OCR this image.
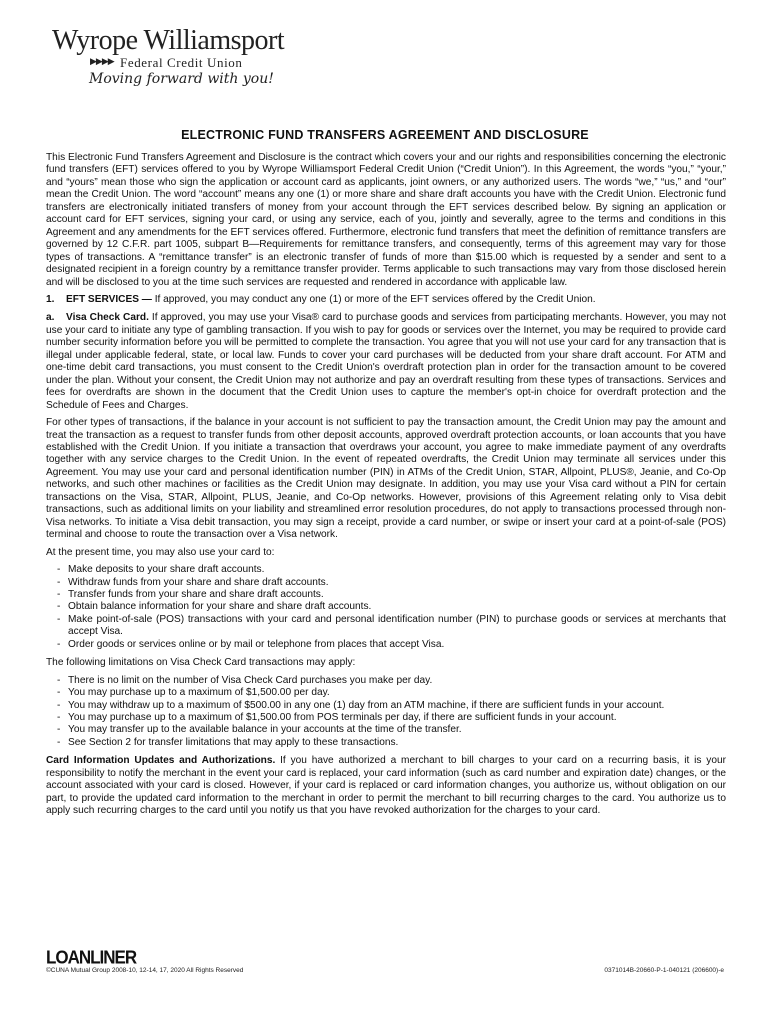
Wyrope Williamsport
▶▶▶▶ Federal Credit Union
Moving forward with you!
ELECTRONIC FUND TRANSFERS AGREEMENT AND DISCLOSURE

This Electronic Fund Transfers Agreement and Disclosure is the contract which covers your and our rights and responsibilities concerning the electronic fund transfers (EFT) services offered to you by Wyrope Williamsport Federal Credit Union (“Credit Union”). In this Agreement, the words “you,” “your,” and “yours” mean those who sign the application or account card as applicants, joint owners, or any authorized users. The words “we,” “us,” and “our” mean the Credit Union. The word “account” means any one (1) or more share and share draft accounts you have with the Credit Union. Electronic fund transfers are electronically initiated transfers of money from your account through the EFT services described below. By signing an application or account card for EFT services, signing your card, or using any service, each of you, jointly and severally, agree to the terms and conditions in this Agreement and any amendments for the EFT services offered. Furthermore, electronic fund transfers that meet the definition of remittance transfers are governed by 12 C.F.R. part 1005, subpart B—Requirements for remittance transfers, and consequently, terms of this agreement may vary for those types of transactions. A “remittance transfer” is an electronic transfer of funds of more than $15.00 which is requested by a sender and sent to a designated recipient in a foreign country by a remittance transfer provider. Terms applicable to such transactions may vary from those disclosed herein and will be disclosed to you at the time such services are requested and rendered in accordance with applicable law.

1. EFT SERVICES — If approved, you may conduct any one (1) or more of the EFT services offered by the Credit Union.

a. Visa Check Card. If approved, you may use your Visa® card to purchase goods and services from participating merchants. However, you may not use your card to initiate any type of gambling transaction. If you wish to pay for goods or services over the Internet, you may be required to provide card number security information before you will be permitted to complete the transaction. You agree that you will not use your card for any transaction that is illegal under applicable federal, state, or local law. Funds to cover your card purchases will be deducted from your share draft account. For ATM and one-time debit card transactions, you must consent to the Credit Union's overdraft protection plan in order for the transaction amount to be covered under the plan. Without your consent, the Credit Union may not authorize and pay an overdraft resulting from these types of transactions. Services and fees for overdrafts are shown in the document that the Credit Union uses to capture the member's opt-in choice for overdraft protection and the Schedule of Fees and Charges.

For other types of transactions, if the balance in your account is not sufficient to pay the transaction amount, the Credit Union may pay the amount and treat the transaction as a request to transfer funds from other deposit accounts, approved overdraft protection accounts, or loan accounts that you have established with the Credit Union. If you initiate a transaction that overdraws your account, you agree to make immediate payment of any overdrafts together with any service charges to the Credit Union. In the event of repeated overdrafts, the Credit Union may terminate all services under this Agreement. You may use your card and personal identification number (PIN) in ATMs of the Credit Union, STAR, Allpoint, PLUS®, Jeanie, and Co-Op networks, and such other machines or facilities as the Credit Union may designate. In addition, you may use your Visa card without a PIN for certain transactions on the Visa, STAR, Allpoint, PLUS, Jeanie, and Co-Op networks. However, provisions of this Agreement relating only to Visa debit transactions, such as additional limits on your liability and streamlined error resolution procedures, do not apply to transactions processed through non-Visa networks. To initiate a Visa debit transaction, you may sign a receipt, provide a card number, or swipe or insert your card at a point-of-sale (POS) terminal and choose to route the transaction over a Visa network.

At the present time, you may also use your card to:

- Make deposits to your share draft accounts.
- Withdraw funds from your share and share draft accounts.
- Transfer funds from your share and share draft accounts.
- Obtain balance information for your share and share draft accounts.
- Make point-of-sale (POS) transactions with your card and personal identification number (PIN) to purchase goods or services at merchants that accept Visa.
- Order goods or services online or by mail or telephone from places that accept Visa.

The following limitations on Visa Check Card transactions may apply:

- There is no limit on the number of Visa Check Card purchases you make per day.
- You may purchase up to a maximum of $1,500.00 per day.
- You may withdraw up to a maximum of $500.00 in any one (1) day from an ATM machine, if there are sufficient funds in your account.
- You may purchase up to a maximum of $1,500.00 from POS terminals per day, if there are sufficient funds in your account.
- You may transfer up to the available balance in your accounts at the time of the transfer.
- See Section 2 for transfer limitations that may apply to these transactions.

Card Information Updates and Authorizations. If you have authorized a merchant to bill charges to your card on a recurring basis, it is your responsibility to notify the merchant in the event your card is replaced, your card information (such as card number and expiration date) changes, or the account associated with your card is closed. However, if your card is replaced or card information changes, you authorize us, without obligation on our part, to provide the updated card information to the merchant in order to permit the merchant to bill recurring charges to the card. You authorize us to apply such recurring charges to the card until you notify us that you have revoked authorization for the charges to your card.

LOANLINER
©CUNA Mutual Group 2008-10, 12-14, 17, 2020 All Rights Reserved	0371014B-20660-P-1-040121 (206600)-e
